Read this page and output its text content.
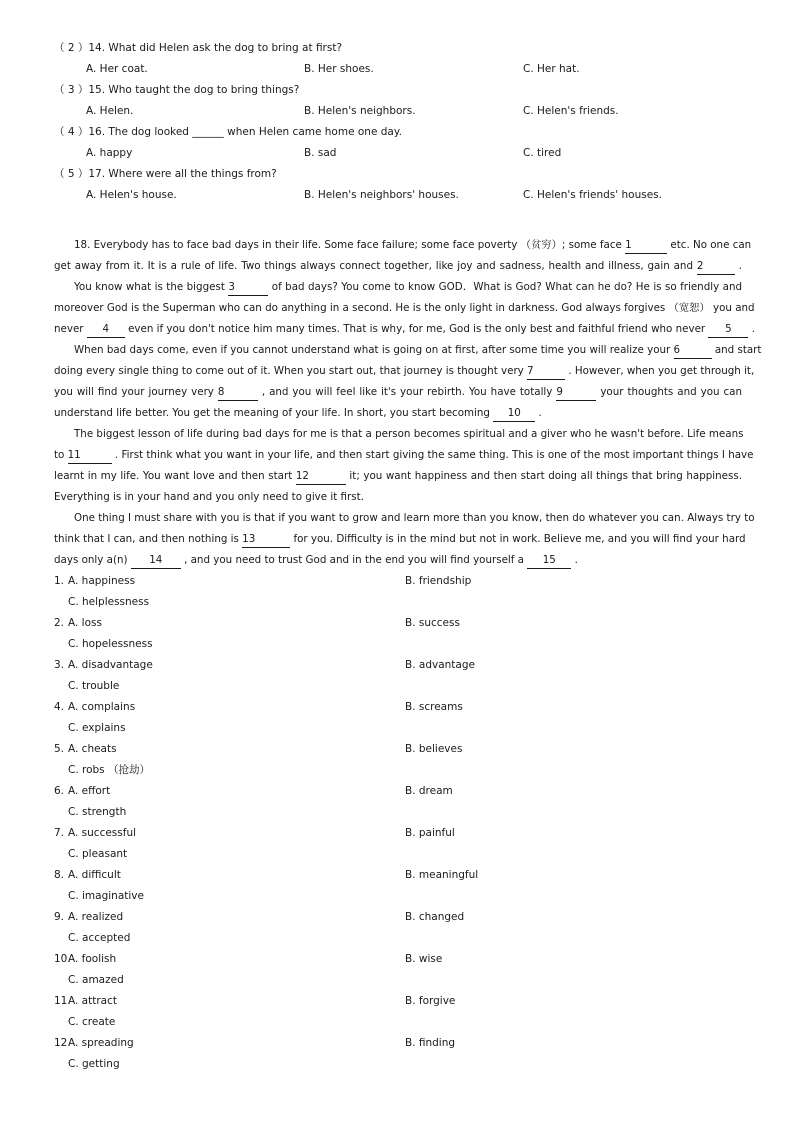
（ 2 ）14. What did Helen ask the dog to bring at first?
A. Her coat.	B. Her shoes.	C. Her hat.
（ 3 ）15. Who taught the dog to bring things?
A. Helen.	B. Helen's neighbors.	C. Helen's friends.
（ 4 ）16. The dog looked ______ when Helen came home one day.
A. happy	B. sad	C. tired
（ 5 ）17. Where were all the things from?
A. Helen's house.	B. Helen's neighbors' houses.	C. Helen's friends' houses.
18. Everybody has to face bad days in their life. Some face failure; some face poverty （贫穷）; some face 1	etc. No one can
get away from it. It is a rule of life. Two things always connect together, like joy and sadness, health and illness, gain and 2	.
You know what is the biggest 3	of bad days? You come to know GOD．What is God? What can he do? He is so friendly and
moreover God is the Superman who can do anything in a second. He is the only light in darkness. God always forgives （宽恕） you and
never 4 even if you don't notice him many times. That is why, for me, God is the only best and faithful friend who never 5 .
When bad days come, even if you cannot understand what is going on at first, after some time you will realize your 6	and start
doing every single thing to come out of it. When you start out, that journey is thought very 7	. However, when you get through it,
you will find your journey very 8	, and you will feel like it's your rebirth. You have totally 9	your thoughts and you can
understand life better. You get the meaning of your life. In short, you start becoming 10 .
The biggest lesson of life during bad days for me is that a person becomes spiritual and a giver who he wasn't before. Life means
to 11	. First think what you want in your life, and then start giving the same thing. This is one of the most important things I have
learnt in my life. You want love and then start 12	it; you want happiness and then start doing all things that bring happiness.
Everything is in your hand and you only need to give it first.
One thing I must share with you is that if you want to grow and learn more than you know, then do whatever you can. Always try to
think that I can, and then nothing is 13	for you. Difficulty is in the mind but not in work. Believe me, and you will find your hard
days only a(n) 14 , and you need to trust God and in the end you will find yourself a 15 .
1. A. happiness	B. friendship
C. helplessness
2. A. loss	B. success
C. hopelessness
3. A. disadvantage	B. advantage
C. trouble
4. A. complains	B. screams
C. explains
5. A. cheats	B. believes
C. robs （抢劫）
6. A. effort	B. dream
C. strength
7. A. successful	B. painful
C. pleasant
8. A. difficult	B. meaningful
C. imaginative
9. A. realized	B. changed
C. accepted
10.
A. foolish	B. wise
C. amazed
11.
A. attract	B. forgive
C. create
12.
A. spreading	B. finding
C. getting
